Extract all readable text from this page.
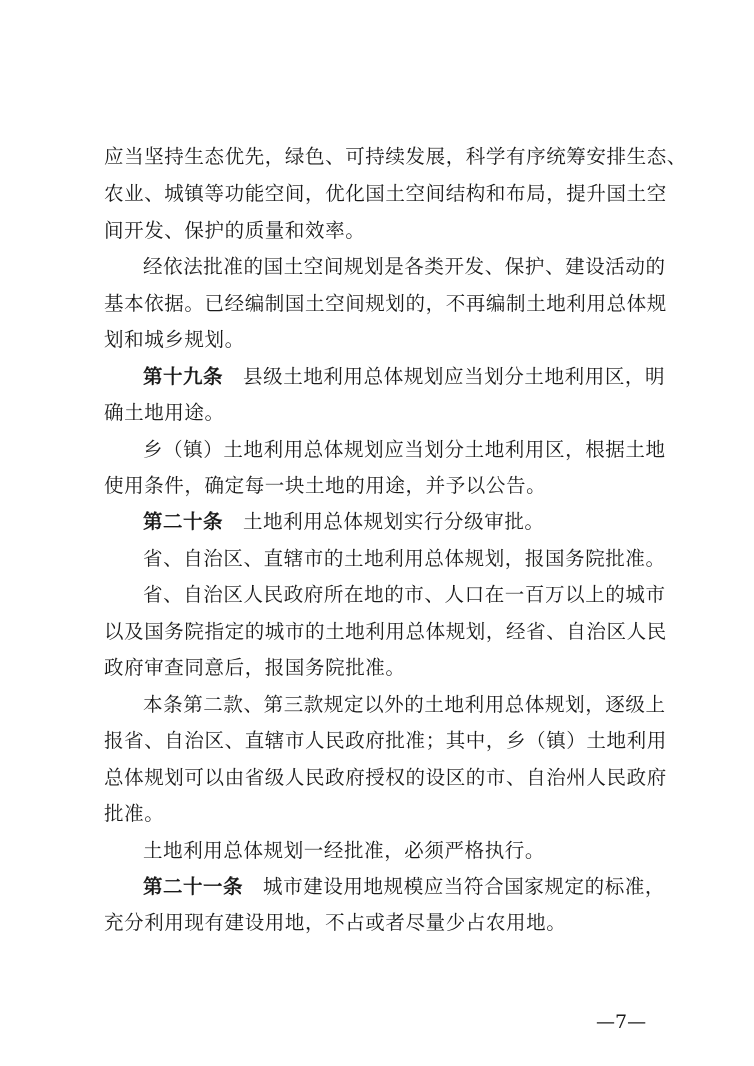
应当坚持生态优先，绿色、可持续发展，科学有序统筹安排生态、
农业、城镇等功能空间，优化国土空间结构和布局，提升国土空
间开发、保护的质量和效率。
经依法批准的国土空间规划是各类开发、保护、建设活动的
基本依据。已经编制国土空间规划的，不再编制土地利用总体规
划和城乡规划。
第十九条 县级土地利用总体规划应当划分土地利用区，明
确土地用途。
乡（镇）土地利用总体规划应当划分土地利用区，根据土地
使用条件，确定每一块土地的用途，并予以公告。
第二十条 土地利用总体规划实行分级审批。
省、自治区、直辖市的土地利用总体规划，报国务院批准。
省、自治区人民政府所在地的市、人口在一百万以上的城市
以及国务院指定的城市的土地利用总体规划，经省、自治区人民
政府审查同意后，报国务院批准。
本条第二款、第三款规定以外的土地利用总体规划，逐级上
报省、自治区、直辖市人民政府批准；其中，乡（镇）土地利用
总体规划可以由省级人民政府授权的设区的市、自治州人民政府
批准。
土地利用总体规划一经批准，必须严格执行。
第二十一条 城市建设用地规模应当符合国家规定的标准，
充分利用现有建设用地，不占或者尽量少占农用地。
—7—
